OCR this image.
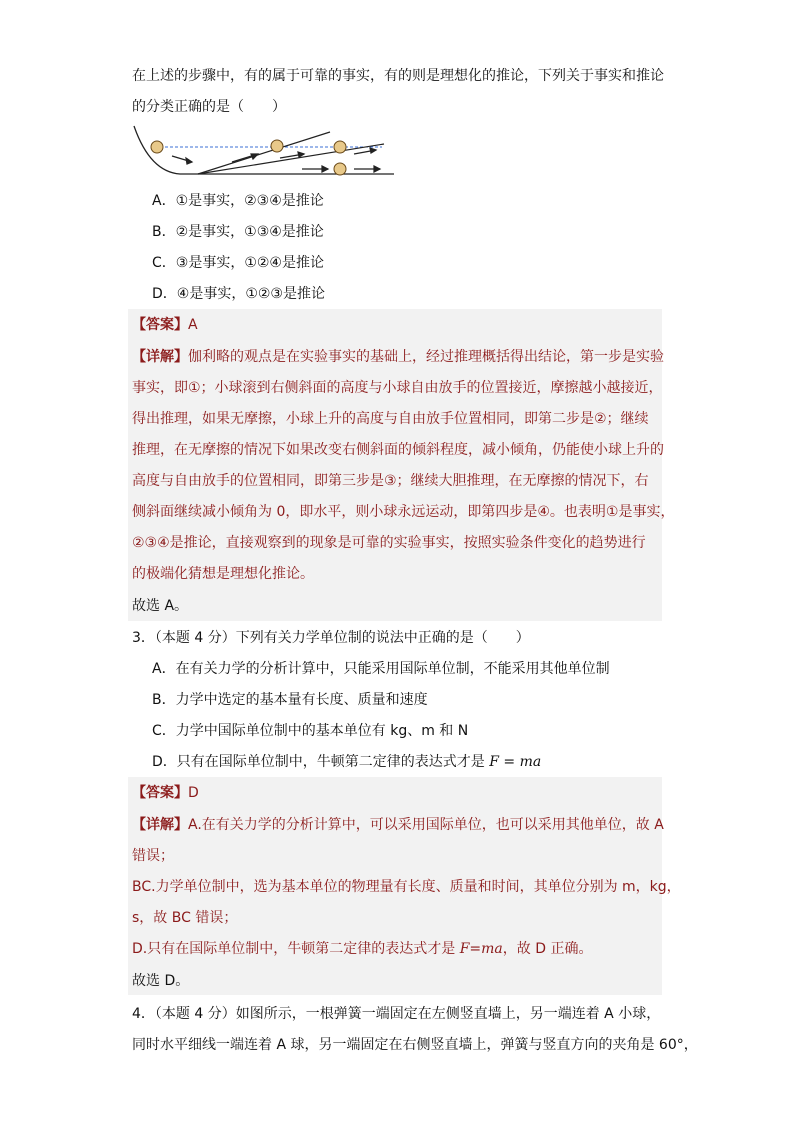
在上述的步骤中，有的属于可靠的事实，有的则是理想化的推论，下列关于事实和推论
的分类正确的是（　　）
A．①是事实，②③④是推论
B．②是事实，①③④是推论
C．③是事实，①②④是推论
D．④是事实，①②③是推论
【答案】A
【详解】伽利略的观点是在实验事实的基础上，经过推理概括得出结论，第一步是实验
事实，即①；小球滚到右侧斜面的高度与小球自由放手的位置接近，摩擦越小越接近，
得出推理，如果无摩擦，小球上升的高度与自由放手位置相同，即第二步是②；继续
推理，在无摩擦的情况下如果改变右侧斜面的倾斜程度，减小倾角，仍能使小球上升的
高度与自由放手的位置相同，即第三步是③；继续大胆推理，在无摩擦的情况下，右
侧斜面继续减小倾角为 0，即水平，则小球永远运动，即第四步是④。也表明①是事实，
②③④是推论，直接观察到的现象是可靠的实验事实，按照实验条件变化的趋势进行
的极端化猜想是理想化推论。
故选 A。
3．（本题 4 分）下列有关力学单位制的说法中正确的是（　　）
A．在有关力学的分析计算中，只能采用国际单位制，不能采用其他单位制
B．力学中选定的基本量有长度、质量和速度
C．力学中国际单位制中的基本单位有 kg、m 和 N
D．只有在国际单位制中，牛顿第二定律的表达式才是 F = ma
【答案】D
【详解】A.在有关力学的分析计算中，可以采用国际单位，也可以采用其他单位，故 A
错误；
BC.力学单位制中，选为基本单位的物理量有长度、质量和时间，其单位分别为 m，kg，
s，故 BC 错误；
D.只有在国际单位制中，牛顿第二定律的表达式才是 F=ma，故 D 正确。
故选 D。
4．（本题 4 分）如图所示，一根弹簧一端固定在左侧竖直墙上，另一端连着 A 小球，
同时水平细线一端连着 A 球，另一端固定在右侧竖直墙上，弹簧与竖直方向的夹角是 60°，
